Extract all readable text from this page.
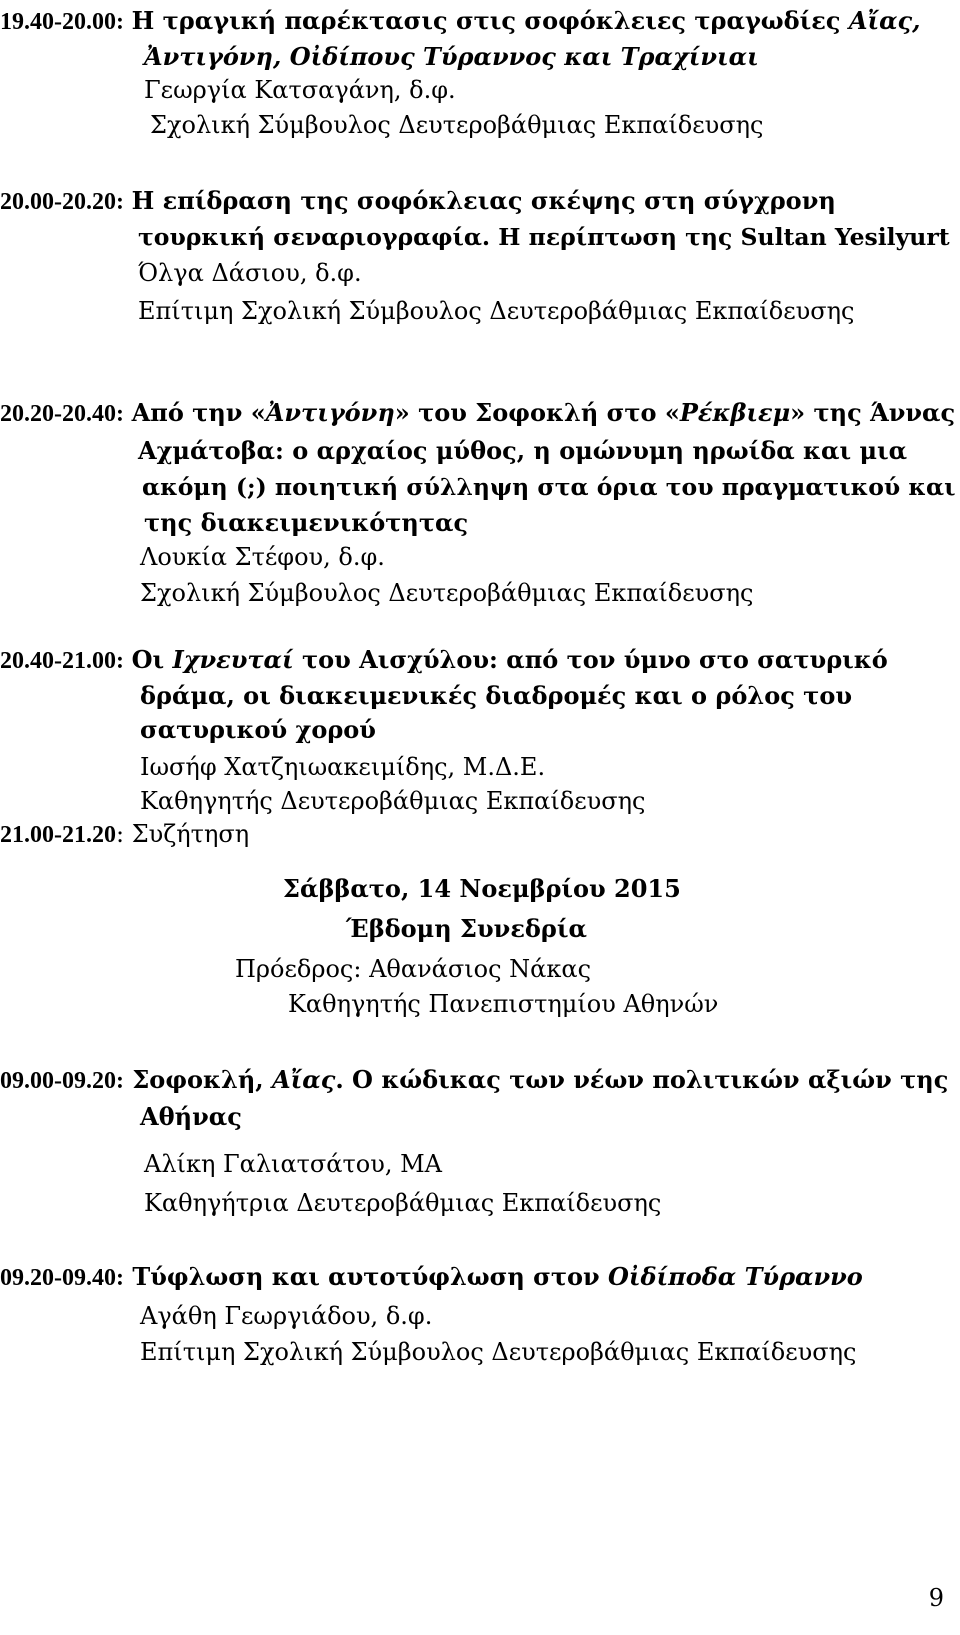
19.40-20.00: Η τραγική παρέκτασις στις σοφόκλειες τραγωδίες Αἴας,
Ἀντιγόνη, Οἰδίπους Τύραννος και Τραχίνιαι
Γεωργία Κατσαγάνη, δ.φ.
Σχολική Σύμβουλος Δευτεροβάθμιας Εκπαίδευσης
20.00-20.20: Η επίδραση της σοφόκλειας σκέψης στη σύγχρονη
τουρκική σεναριογραφία. Η περίπτωση της Sultan Yesilyurt
Όλγα Δάσιου, δ.φ.
Επίτιμη Σχολική Σύμβουλος Δευτεροβάθμιας Εκπαίδευσης
20.20-20.40: Από την «Ἀντιγόνη» του Σοφοκλή στο «Ρέκβιεμ» της Άννας
Αχμάτοβα: ο αρχαίος μύθος, η ομώνυμη ηρωίδα και μια
ακόμη (;) ποιητική σύλληψη στα όρια του πραγματικού και
της διακειμενικότητας
Λουκία Στέφου, δ.φ.
Σχολική Σύμβουλος Δευτεροβάθμιας Εκπαίδευσης
20.40-21.00: Οι Ιχνευταί του Αισχύλου: από τον ύμνο στο σατυρικό
δράμα, οι διακειμενικές διαδρομές και ο ρόλος του
σατυρικού χορού
Ιωσήφ Χατζηιωακειμίδης, Μ.Δ.Ε.
Καθηγητής Δευτεροβάθμιας Εκπαίδευσης
21.00-21.20: Συζήτηση
Σάββατο, 14 Νοεμβρίου 2015
Έβδομη Συνεδρία
Πρόεδρος: Αθανάσιος Νάκας
Καθηγητής Πανεπιστημίου Αθηνών
09.00-09.20: Σοφοκλή, Αἴας. Ο κώδικας των νέων πολιτικών αξιών της
Αθήνας
Αλίκη Γαλιατσάτου, ΜΑ
Καθηγήτρια Δευτεροβάθμιας Εκπαίδευσης
09.20-09.40: Τύφλωση και αυτοτύφλωση στον Οἰδίποδα Τύραννο
Αγάθη Γεωργιάδου, δ.φ.
Επίτιμη Σχολική Σύμβουλος Δευτεροβάθμιας Εκπαίδευσης
9
